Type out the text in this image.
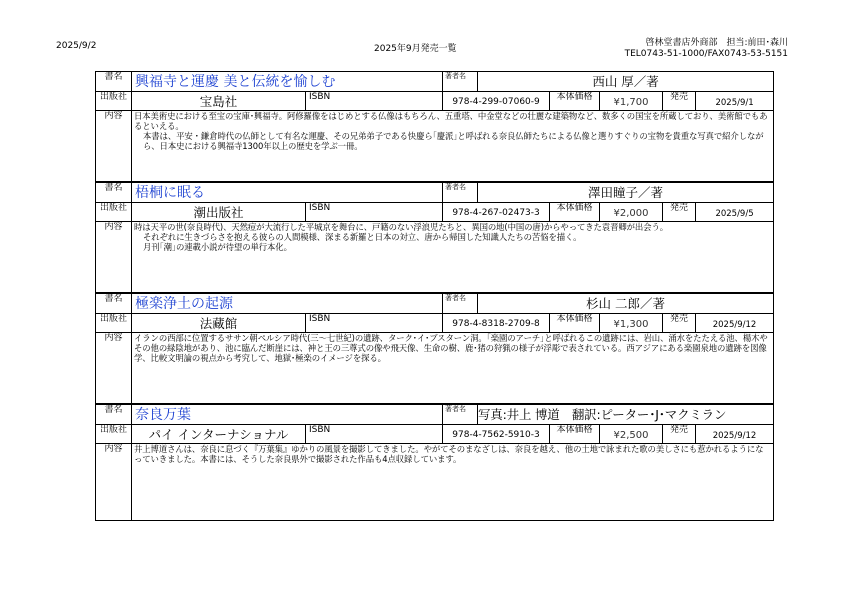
2025/9/2	2025年9月発売一覧
啓林堂書店外商部　担当:前田･森川
TEL0743-51-1000/FAX0743-53-5151
書名	興福寺と運慶 美と伝統を愉しむ		著者名	西山 厚／著				
出版社	宝島社	ISBN	978-4-299-07060-9		本体価格	¥1,700	発売	2025/9/1
内容	日本美術史における至宝の宝庫･興福寺。阿修羅像をはじめとする仏像はもちろん、五重塔、中金堂などの壮麗な建築物など、数多くの国宝を所蔵しており、美術館でもあるといえる。

本書は、平安・鎌倉時代の仏師として有名な運慶、その兄弟弟子である快慶ら｢慶派｣と呼ばれる奈良仏師たちによる仏像と選りすぐりの宝物を貴重な写真で紹介しながら、日本史における興福寺1300年以上の歴史を学ぶ一冊。							

書名	梧桐に眠る		著者名	澤田瞳子／著				
出版社	潮出版社	ISBN	978-4-267-02473-3		本体価格	¥2,000	発売	2025/9/5
内容	時は天平の世(奈良時代)、天然痘が大流行した平城京を舞台に、戸籍のない浮浪児たちと、異国の地(中国の唐)からやってきた袁晋卿が出会う。

それぞれに生きづらさを抱える彼らの人間模様、深まる新羅と日本の対立、唐から帰国した知識人たちの苦悩を描く。

月刊｢潮｣の連載小説が待望の単行本化。							

書名	極楽浄土の起源		著者名	杉山 二郎／著				
出版社	法藏館	ISBN	978-4-8318-2709-8		本体価格	¥1,300	発売	2025/9/12
内容	イランの西部に位置するササン朝ペルシア時代(三～七世紀)の遺跡、ターク･イ･ブスターン洞。｢楽園のアーチ｣と呼ばれるこの遺跡には、岩山、涌水をたたえる池、楊木やその他の緑陰地があり、池に臨んだ断崖には、神と王の三尊式の像や飛天像、生命の樹、鹿･猪の狩猟の様子が浮彫で表されている。西アジアにある楽園泉地の遺跡を図像学、比較文明論の視点から考究して、地獄･極楽のイメージを探る。							

書名	奈良万葉		著者名	写真:井上 博道　翻訳:ピーター･J･マクミラン				
出版社	パイ インターナショナル	ISBN	978-4-7562-5910-3		本体価格	¥2,500	発売	2025/9/12
内容	井上博道さんは、奈良に息づく『万葉集』ゆかりの風景を撮影してきました。やがてそのまなざしは、奈良を越え、他の土地で詠まれた歌の美しさにも惹かれるようになっていきました。本書には、そうした奈良県外で撮影された作品も4点収録しています。							
